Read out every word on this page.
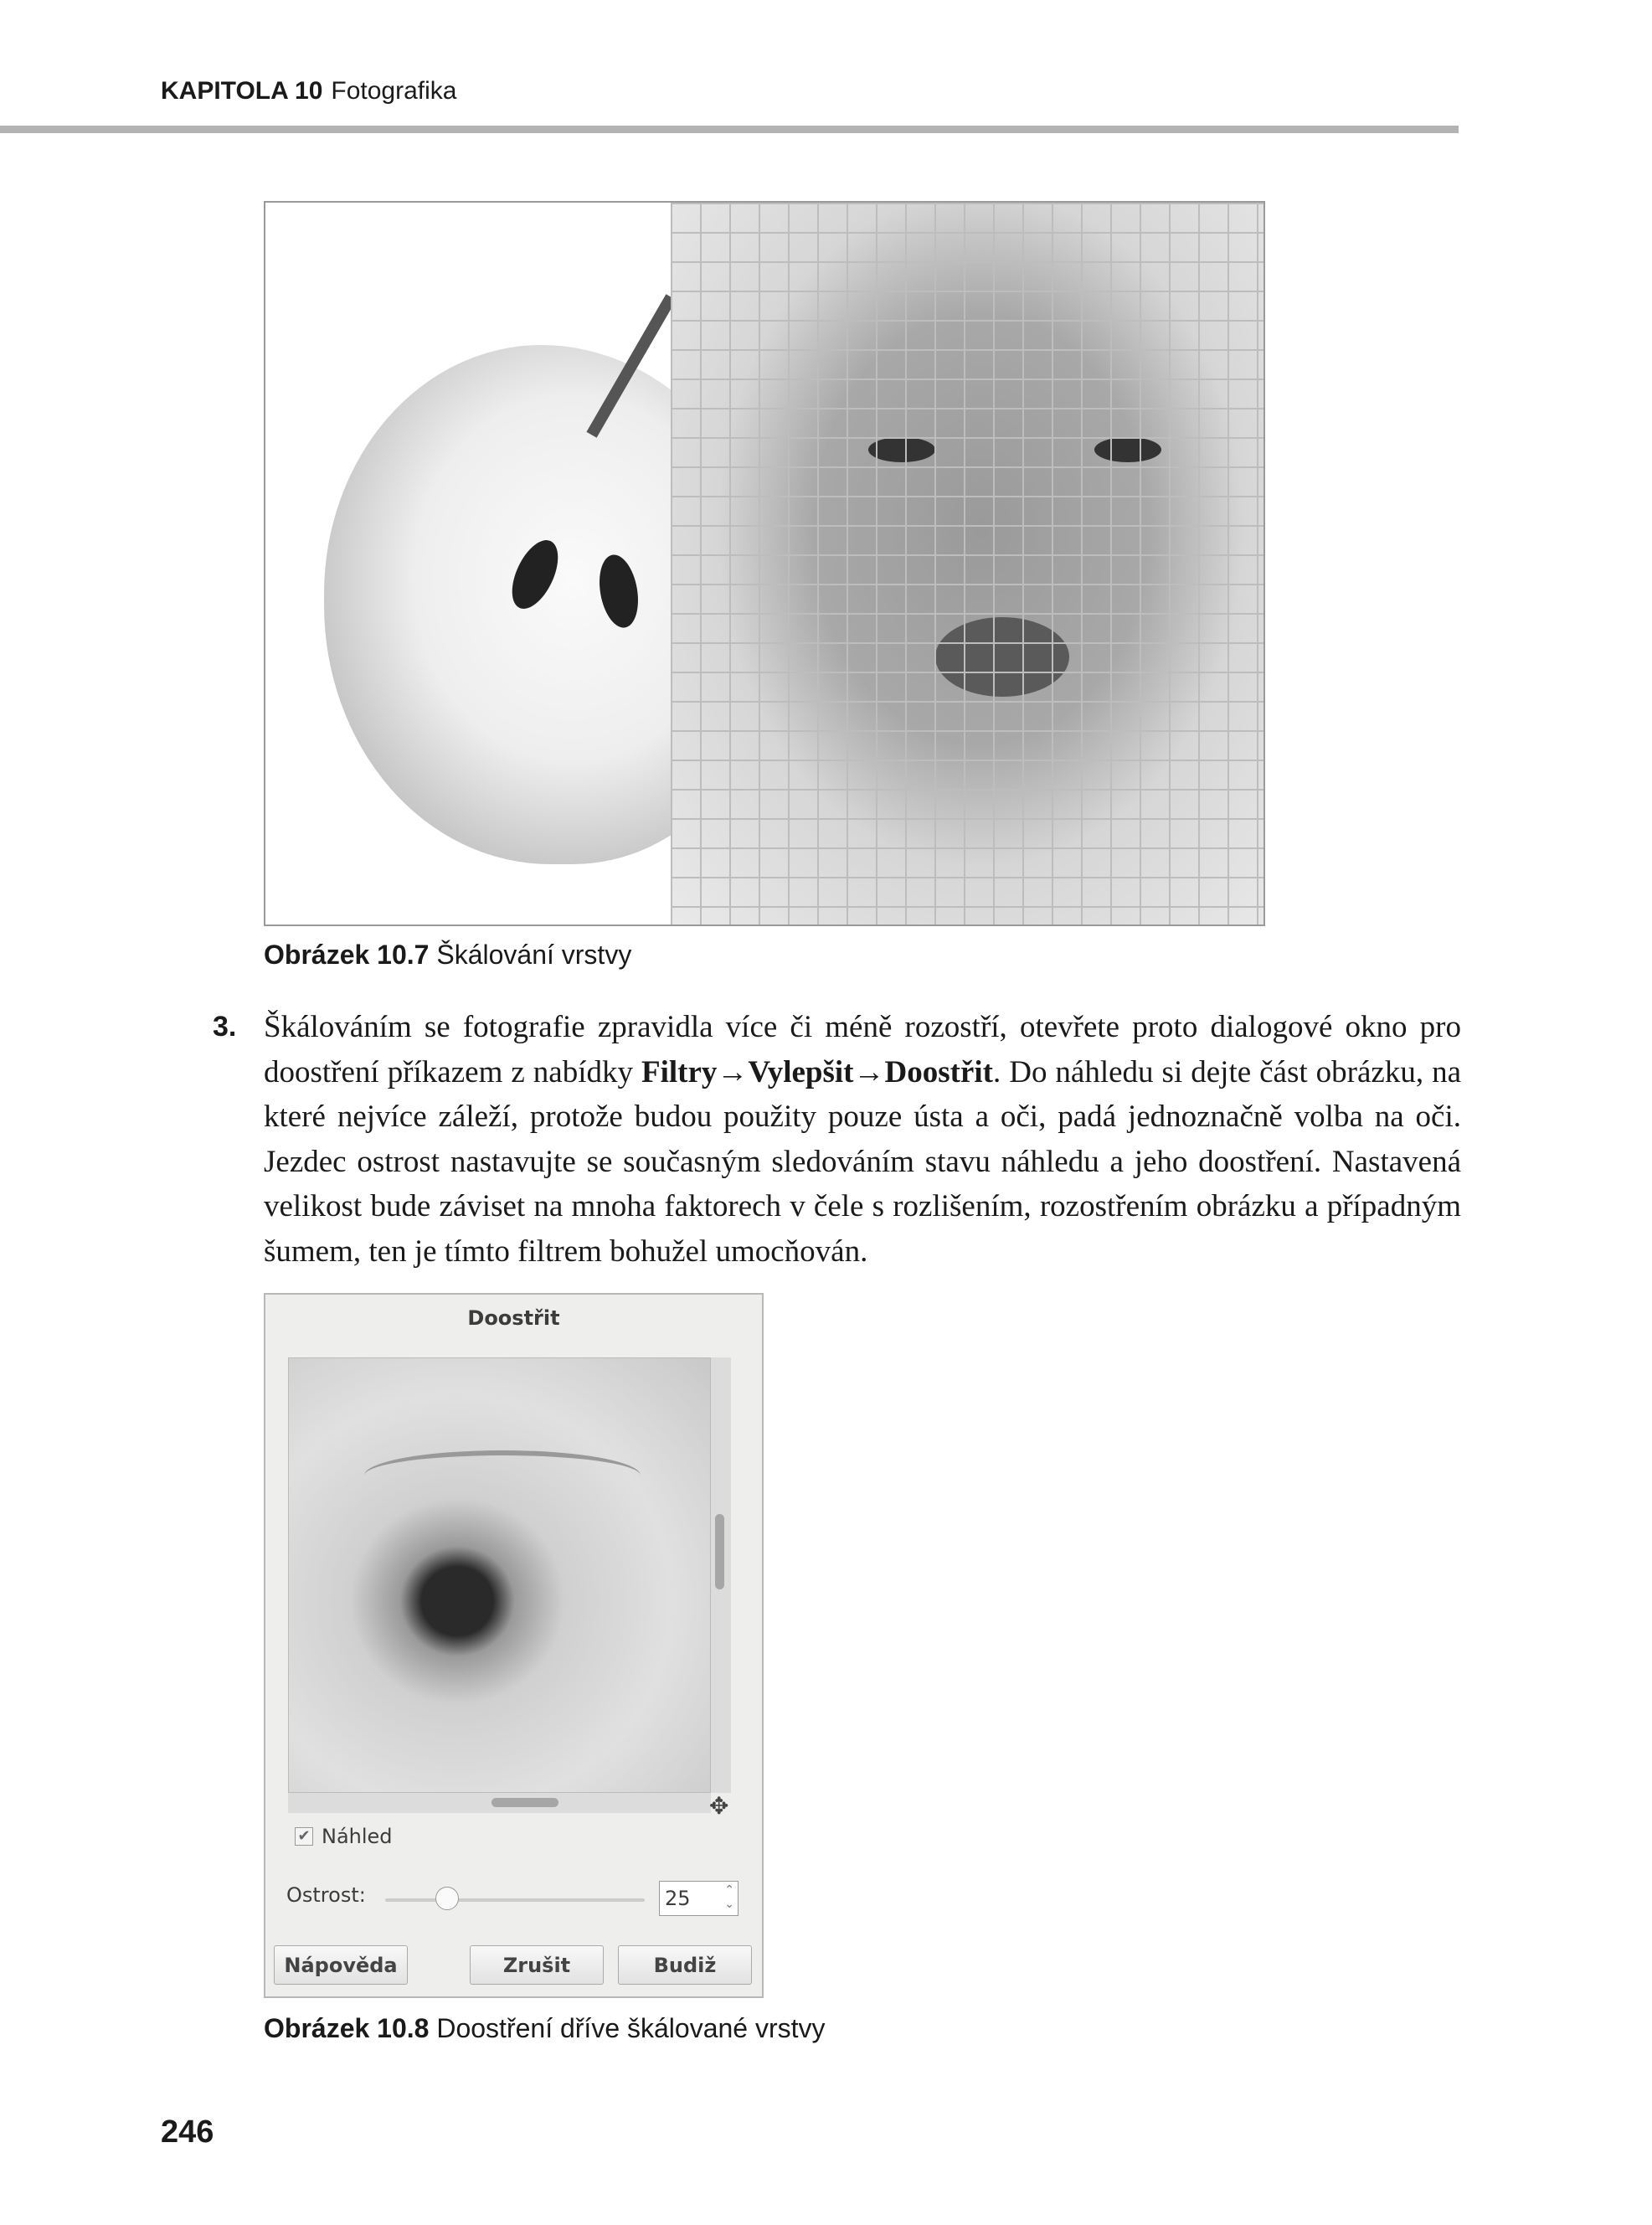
KAPITOLA 10 Fotografika
Obrázek 10.7 Škálování vrstvy
3. Škálováním se fotografie zpravidla více či méně rozostří, otevřete proto dialogové okno pro doostření příkazem z nabídky Filtry→Vylepšit→Doostřit. Do náhledu si dejte část obrázku, na které nejvíce záleží, protože budou použity pouze ústa a oči, padá jednoznačně volba na oči. Jezdec ostrost nastavujte se současným sledováním stavu náhledu a jeho doostření. Nastavená velikost bude záviset na mnoha faktorech v čele s rozlišením, rozostřením obrázku a případným šumem, ten je tímto filtrem bohužel umocňován.

Doostřit
✥
✔ Náhled
Ostrost:	25	⌃
⌄
Nápověda	Zrušit	Budiž
Obrázek 10.8 Doostření dříve škálované vrstvy
246
